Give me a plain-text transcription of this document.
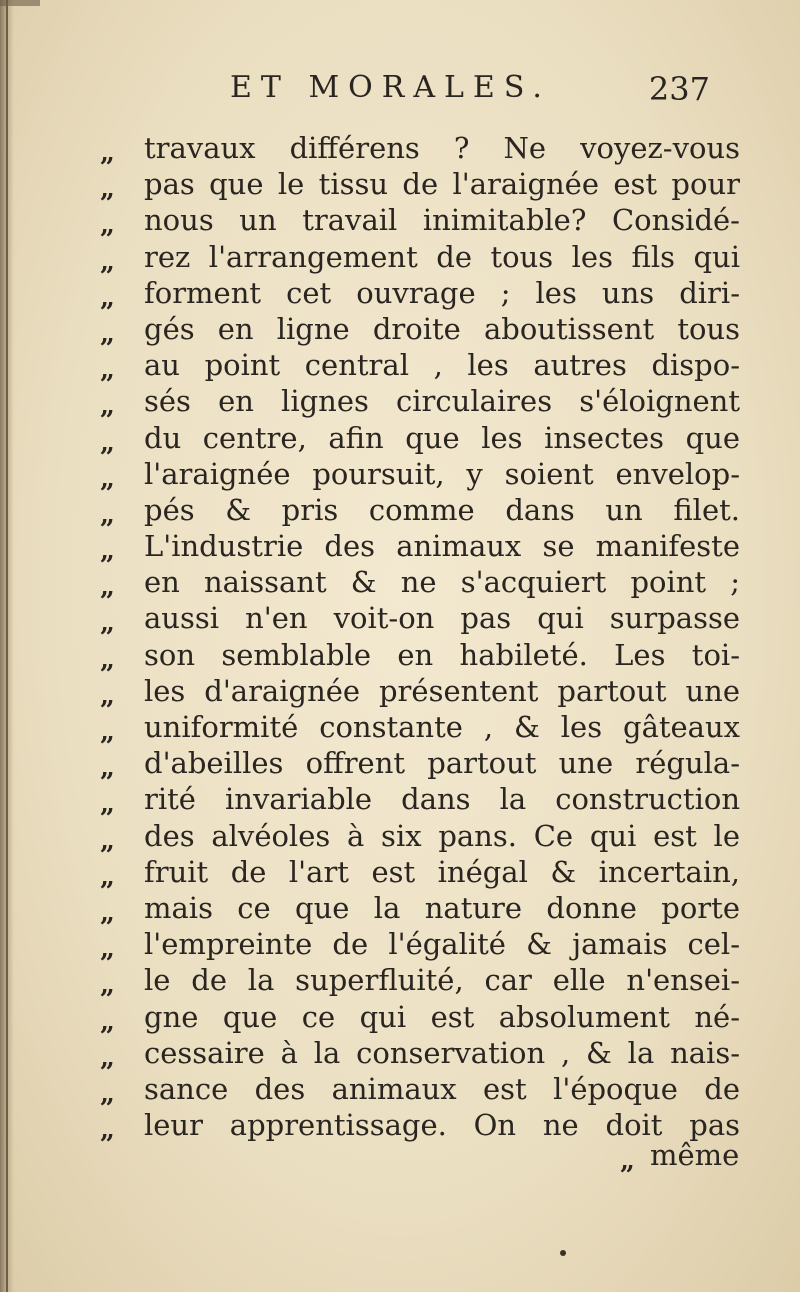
ET MORALES.	237
„	travaux différens ? Ne voyez-vous
„	pas que le tissu de l'araignée est pour
„	nous un travail inimitable? Considé-
„	rez l'arrangement de tous les fils qui
„	forment cet ouvrage ; les uns diri-
„	gés en ligne droite aboutissent tous
„	au point central , les autres dispo-
„	sés en lignes circulaires s'éloignent
„	du centre, afin que les insectes que
„	l'araignée poursuit, y soient envelop-
„	pés & pris comme dans un filet.
„	L'industrie des animaux se manifeste
„	en naissant & ne s'acquiert point ;
„	aussi n'en voit-on pas qui surpasse
„	son semblable en habileté. Les toi-
„	les d'araignée présentent partout une
„	uniformité constante , & les gâteaux
„	d'abeilles offrent partout une régula-
„	rité invariable dans la construction
„	des alvéoles à six pans. Ce qui est le
„	fruit de l'art est inégal & incertain,
„	mais ce que la nature donne porte
„	l'empreinte de l'égalité & jamais cel-
„	le de la superfluité, car elle n'ensei-
„	gne que ce qui est absolument né-
„	cessaire à la conservation , & la nais-
„	sance des animaux est l'époque de
„	leur apprentissage. On ne doit pas
„ même
